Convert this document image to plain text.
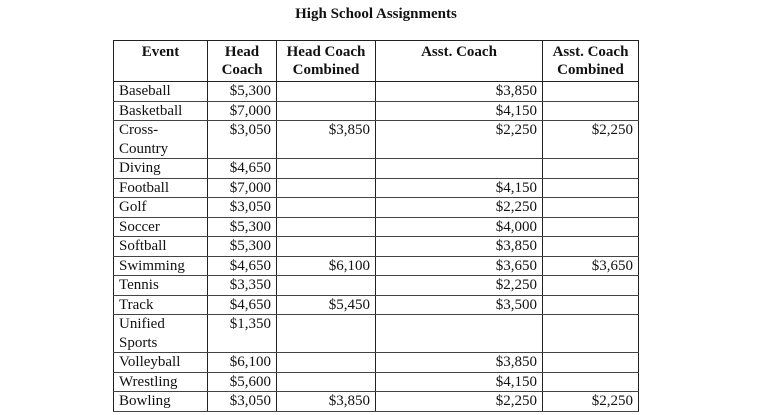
High School Assignments
Event	Head Coach	Head Coach Combined	Asst. Coach	Asst. Coach Combined
Baseball	$5,300		$3,850	
Basketball	$7,000		$4,150	
Cross-Country	$3,050	$3,850	$2,250	$2,250
Diving	$4,650			
Football	$7,000		$4,150	
Golf	$3,050		$2,250	
Soccer	$5,300		$4,000	
Softball	$5,300		$3,850	
Swimming	$4,650	$6,100	$3,650	$3,650
Tennis	$3,350		$2,250	
Track	$4,650	$5,450	$3,500	
Unified Sports	$1,350			
Volleyball	$6,100		$3,850	
Wrestling	$5,600		$4,150	
Bowling	$3,050	$3,850	$2,250	$2,250
